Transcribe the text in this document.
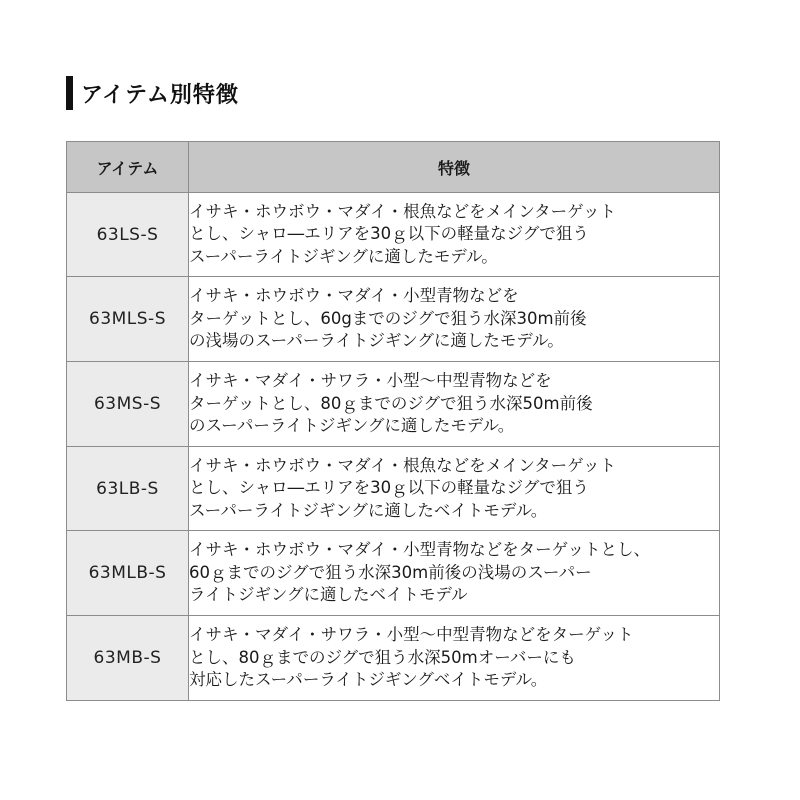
アイテム別特徴
アイテム	特徴
63LS-S	イサキ・ホウボウ・マダイ・根魚などをメインターゲット
とし、シャロ―エリアを30ｇ以下の軽量なジグで狙う
スーパーライトジギングに適したモデル。

63MLS-S	イサキ・ホウボウ・マダイ・小型青物などを
ターゲットとし、60gまでのジグで狙う水深30m前後
の浅場のスーパーライトジギングに適したモデル。

63MS-S	イサキ・マダイ・サワラ・小型～中型青物などを
ターゲットとし、80ｇまでのジグで狙う水深50m前後
のスーパーライトジギングに適したモデル。

63LB-S	イサキ・ホウボウ・マダイ・根魚などをメインターゲット
とし、シャロ―エリアを30ｇ以下の軽量なジグで狙う
スーパーライトジギングに適したベイトモデル。

63MLB-S	イサキ・ホウボウ・マダイ・小型青物などをターゲットとし、
60ｇまでのジグで狙う水深30m前後の浅場のスーパー
ライトジギングに適したベイトモデル

63MB-S	イサキ・マダイ・サワラ・小型～中型青物などをターゲット
とし、80ｇまでのジグで狙う水深50mオーバーにも
対応したスーパーライトジギングベイトモデル。
